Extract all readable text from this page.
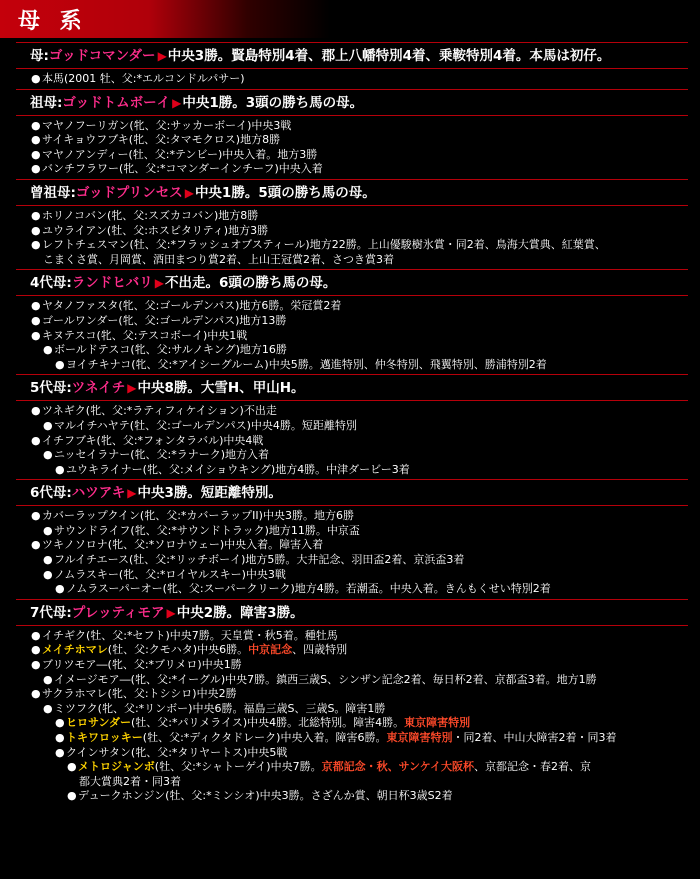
母 系
母:ゴッドコマンダー ▶中央3勝。賢島特別4着、郡上八幡特別4着、乗鞍特別4着。本馬は初仔。
●本馬(2001 牡、父:*エルコンドルパサー)
祖母:ゴッドトムボーイ ▶中央1勝。3頭の勝ち馬の母。
●マヤノフーリガン(牝、父:サッカーボーイ)中央3戦
●サイキョウフブキ(牝、父:タマモクロス)地方8勝
●マヤノアンディー(牡、父:*テンビー)中央入着。地方3勝
●バンチフラワー(牝、父:*コマンダーインチーフ)中央入着
曾祖母:ゴッドプリンセス ▶中央1勝。5頭の勝ち馬の母。
●ホリノコバン(牝、父:スズカコバン)地方8勝
●ユウライアン(牡、父:ホスピタリティ)地方3勝
●レフトチェスマン(牡、父:*フラッシュオブスティール)地方22勝。上山優駿樹氷賞・同2着、鳥海大賞典、紅葉賞、
こまくさ賞、月岡賞、酒田まつり賞2着、上山王冠賞2着、さつき賞3着
4代母:ランドヒバリ ▶不出走。6頭の勝ち馬の母。
●ヤタノファスタ(牝、父:ゴールデンパス)地方6勝。栄冠賞2着
●ゴールワンダー(牝、父:ゴールデンパス)地方13勝
●キヌテスコ(牝、父:テスコボーイ)中央1戦
●ボールドテスコ(牝、父:サルノキング)地方16勝
●ヨイチキナコ(牝、父:*アイシーグルーム)中央5勝。邁進特別、仲冬特別、飛翼特別、勝浦特別2着
5代母:ツネイチ ▶中央8勝。大雪H、甲山H。
●ツネギク(牝、父:*ラティフィケイション)不出走
●マルイチハヤテ(牡、父:ゴールデンパス)中央4勝。短距離特別
●イチフブキ(牝、父:*フォンタラバル)中央4戦
●ニッセイラナー(牝、父:*ラナーク)地方入着
●ユウキライナー(牝、父:メイショウキング)地方4勝。中津ダービー3着
6代母:ハツアキ ▶中央3勝。短距離特別。
●カバーラップクイン(牝、父:*カバーラップII)中央3勝。地方6勝
●サウンドライフ(牝、父:*サウンドトラック)地方11勝。中京盃
●ツキノソロナ(牝、父:*ソロナウェー)中央入着。障害入着
●フルイチエース(牡、父:*リッチボーイ)地方5勝。大井記念、羽田盃2着、京浜盃3着
●ノムラスキー(牝、父:*ロイヤルスキー)中央3戦
●ノムラスーパーオー(牝、父:スーパークリーク)地方4勝。若潮盃。中央入着。きんもくせい特別2着
7代母:プレッティモア ▶中央2勝。障害3勝。
●イチギク(牡、父:*セフト)中央7勝。天皇賞・秋5着。種牡馬
●メイチホマレ(牡、父:クモハタ)中央6勝。中京記念、四歳特別
●ブリツモア―(牝、父:*ブリメロ)中央1勝
●イメージモア―(牝、父:*イーグル)中央7勝。鎮西三歳S、シンザン記念2着、毎日杯2着、京都盃3着。地方1勝
●サクラホマレ(牝、父:トシシロ)中央2勝
●ミツフク(牝、父:*リンボー)中央6勝。福島三歳S、三歳S。障害1勝
●ヒロサンダー(牡、父:*パリメライス)中央4勝。北総特別。障害4勝。東京障害特別
●トキワロッキー(牡、父:*ディクタドレーク)中央入着。障害6勝。東京障害特別・同2着、中山大障害2着・同3着
●クインサタン(牝、父:*タリヤートス)中央5戦
●メトロジャンボ(牡、父:*シャトーゲイ)中央7勝。京都記念・秋、サンケイ大阪杯、京都記念・春2着、京
都大賞典2着・同3着
●デュークホンジン(牡、父:*ミンシオ)中央3勝。さざんか賞、朝日杯3歳S2着
